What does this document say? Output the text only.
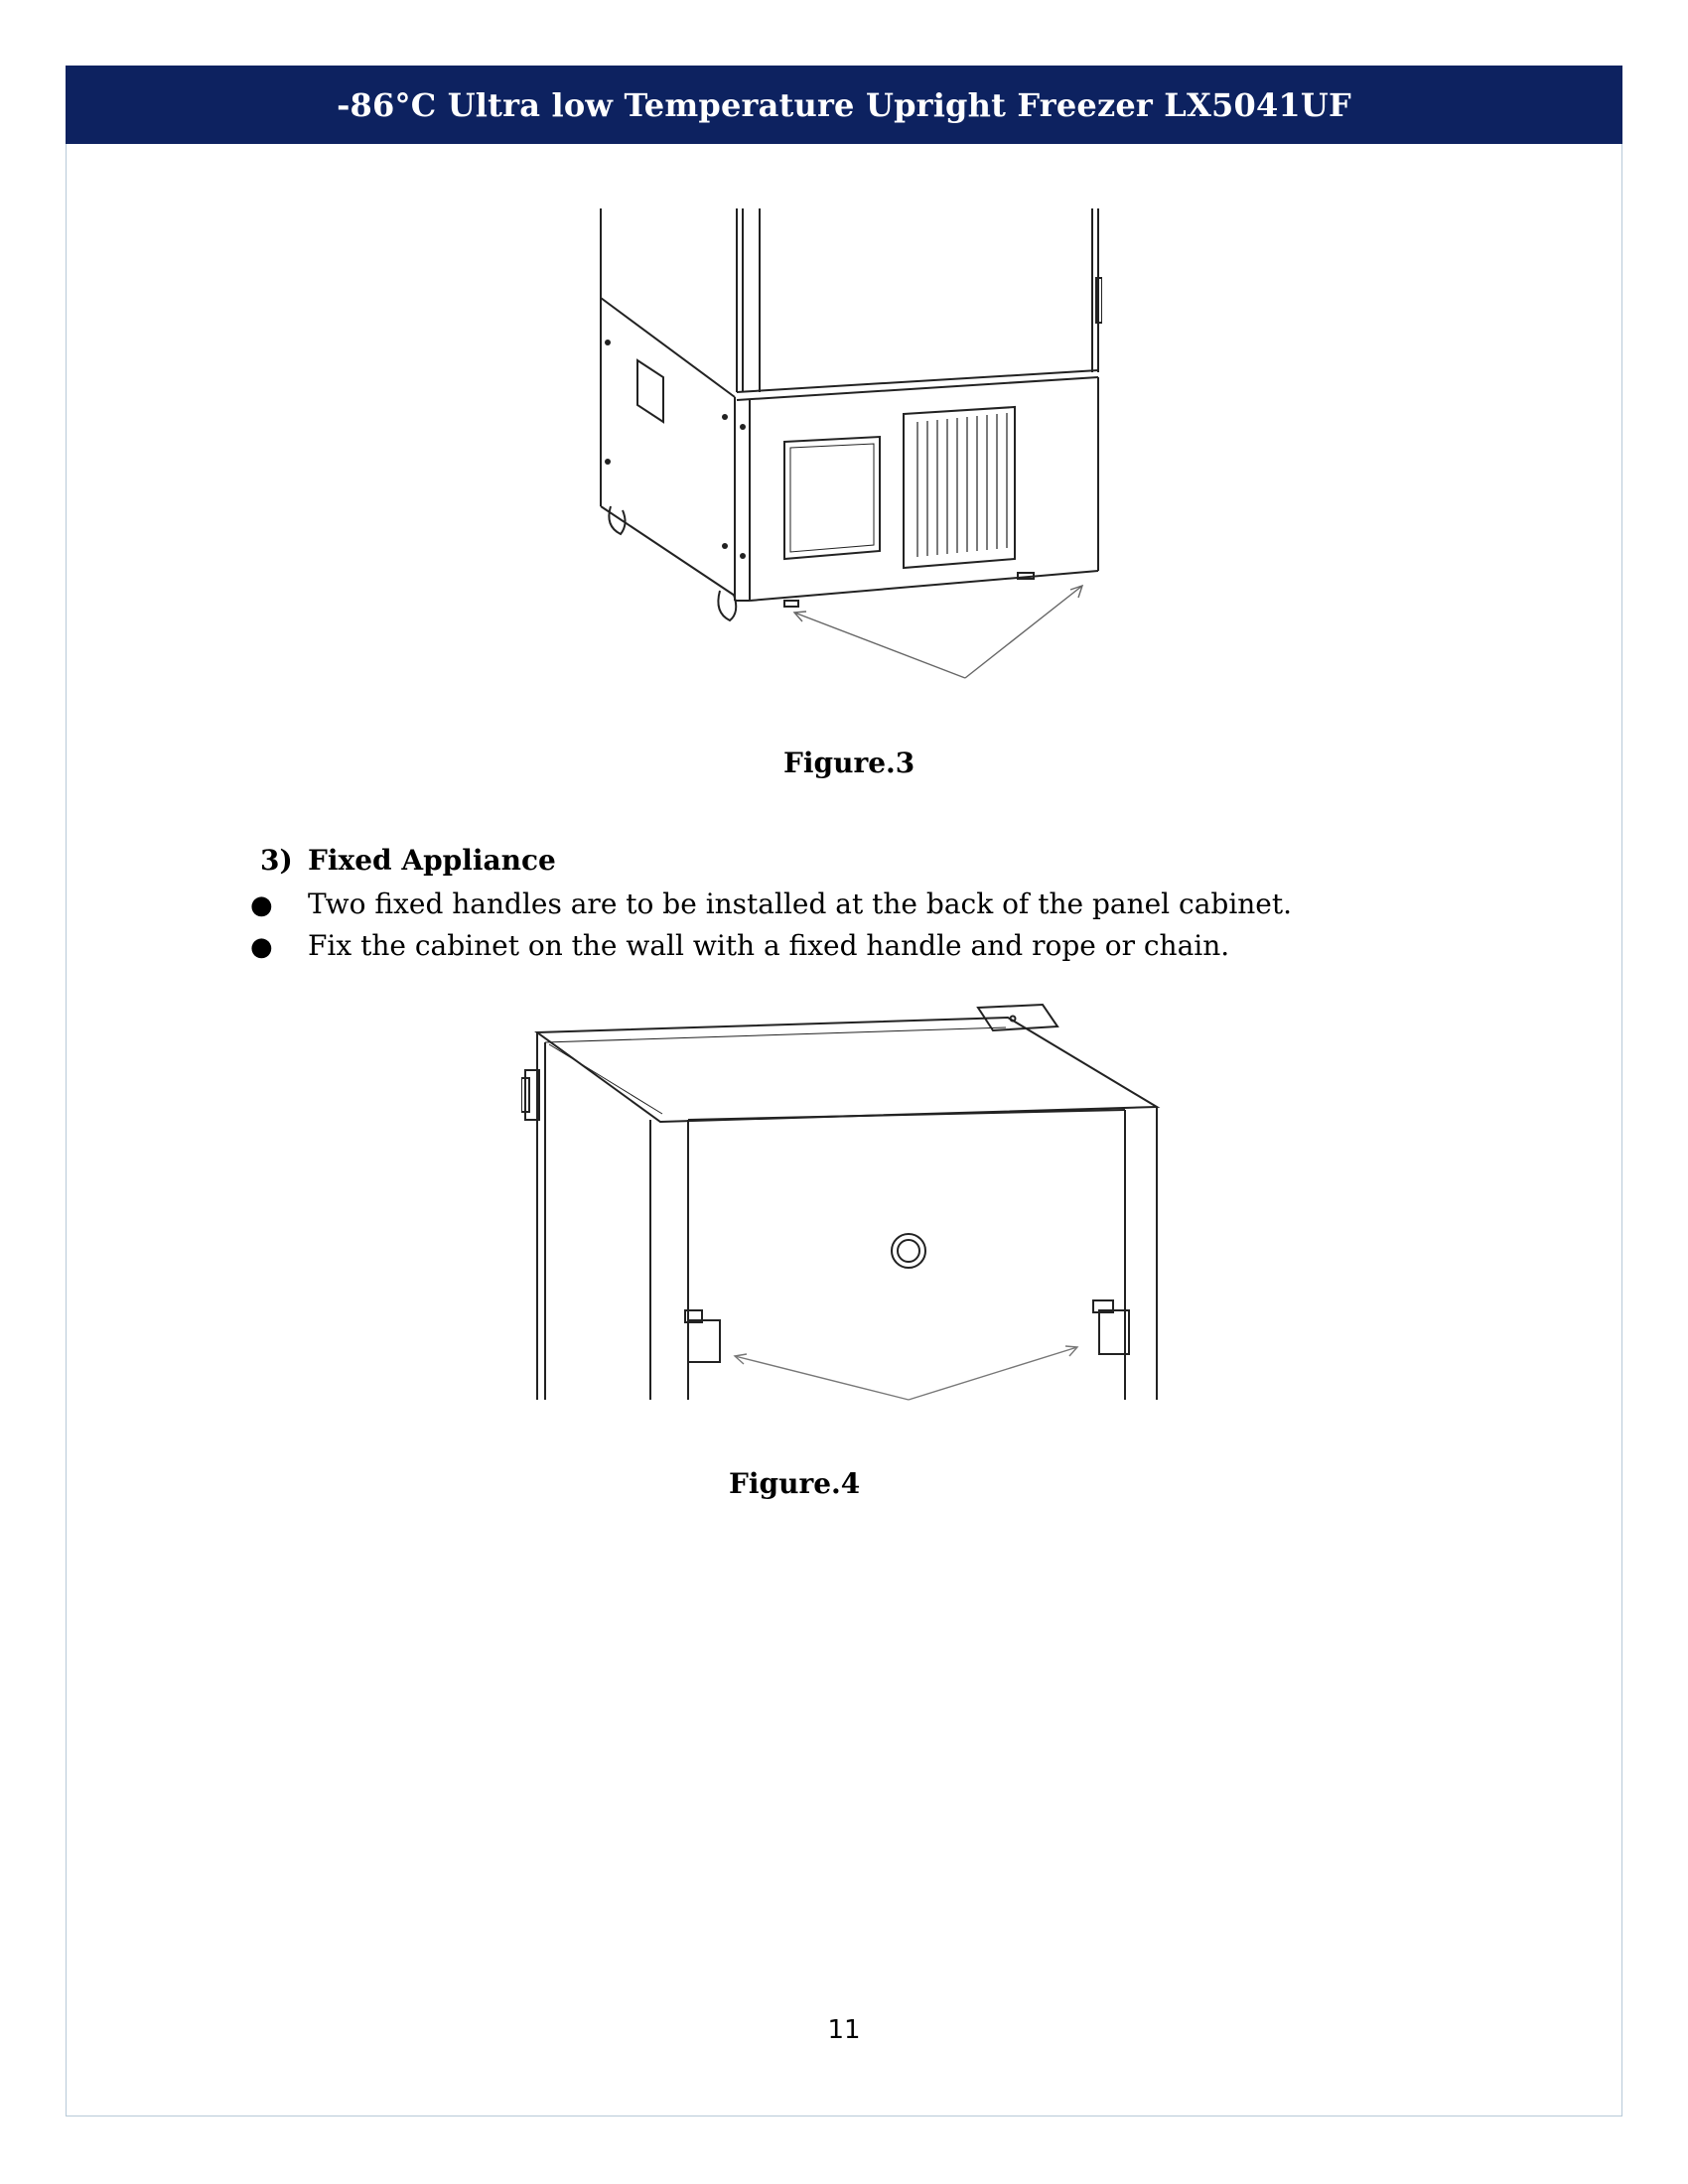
-86°C Ultra low Temperature Upright Freezer LX5041UF
Figure.3
3) Fixed Appliance
● Two fixed handles are to be installed at the back of the panel cabinet.
● Fix the cabinet on the wall with a fixed handle and rope or chain.
Figure.4
11
